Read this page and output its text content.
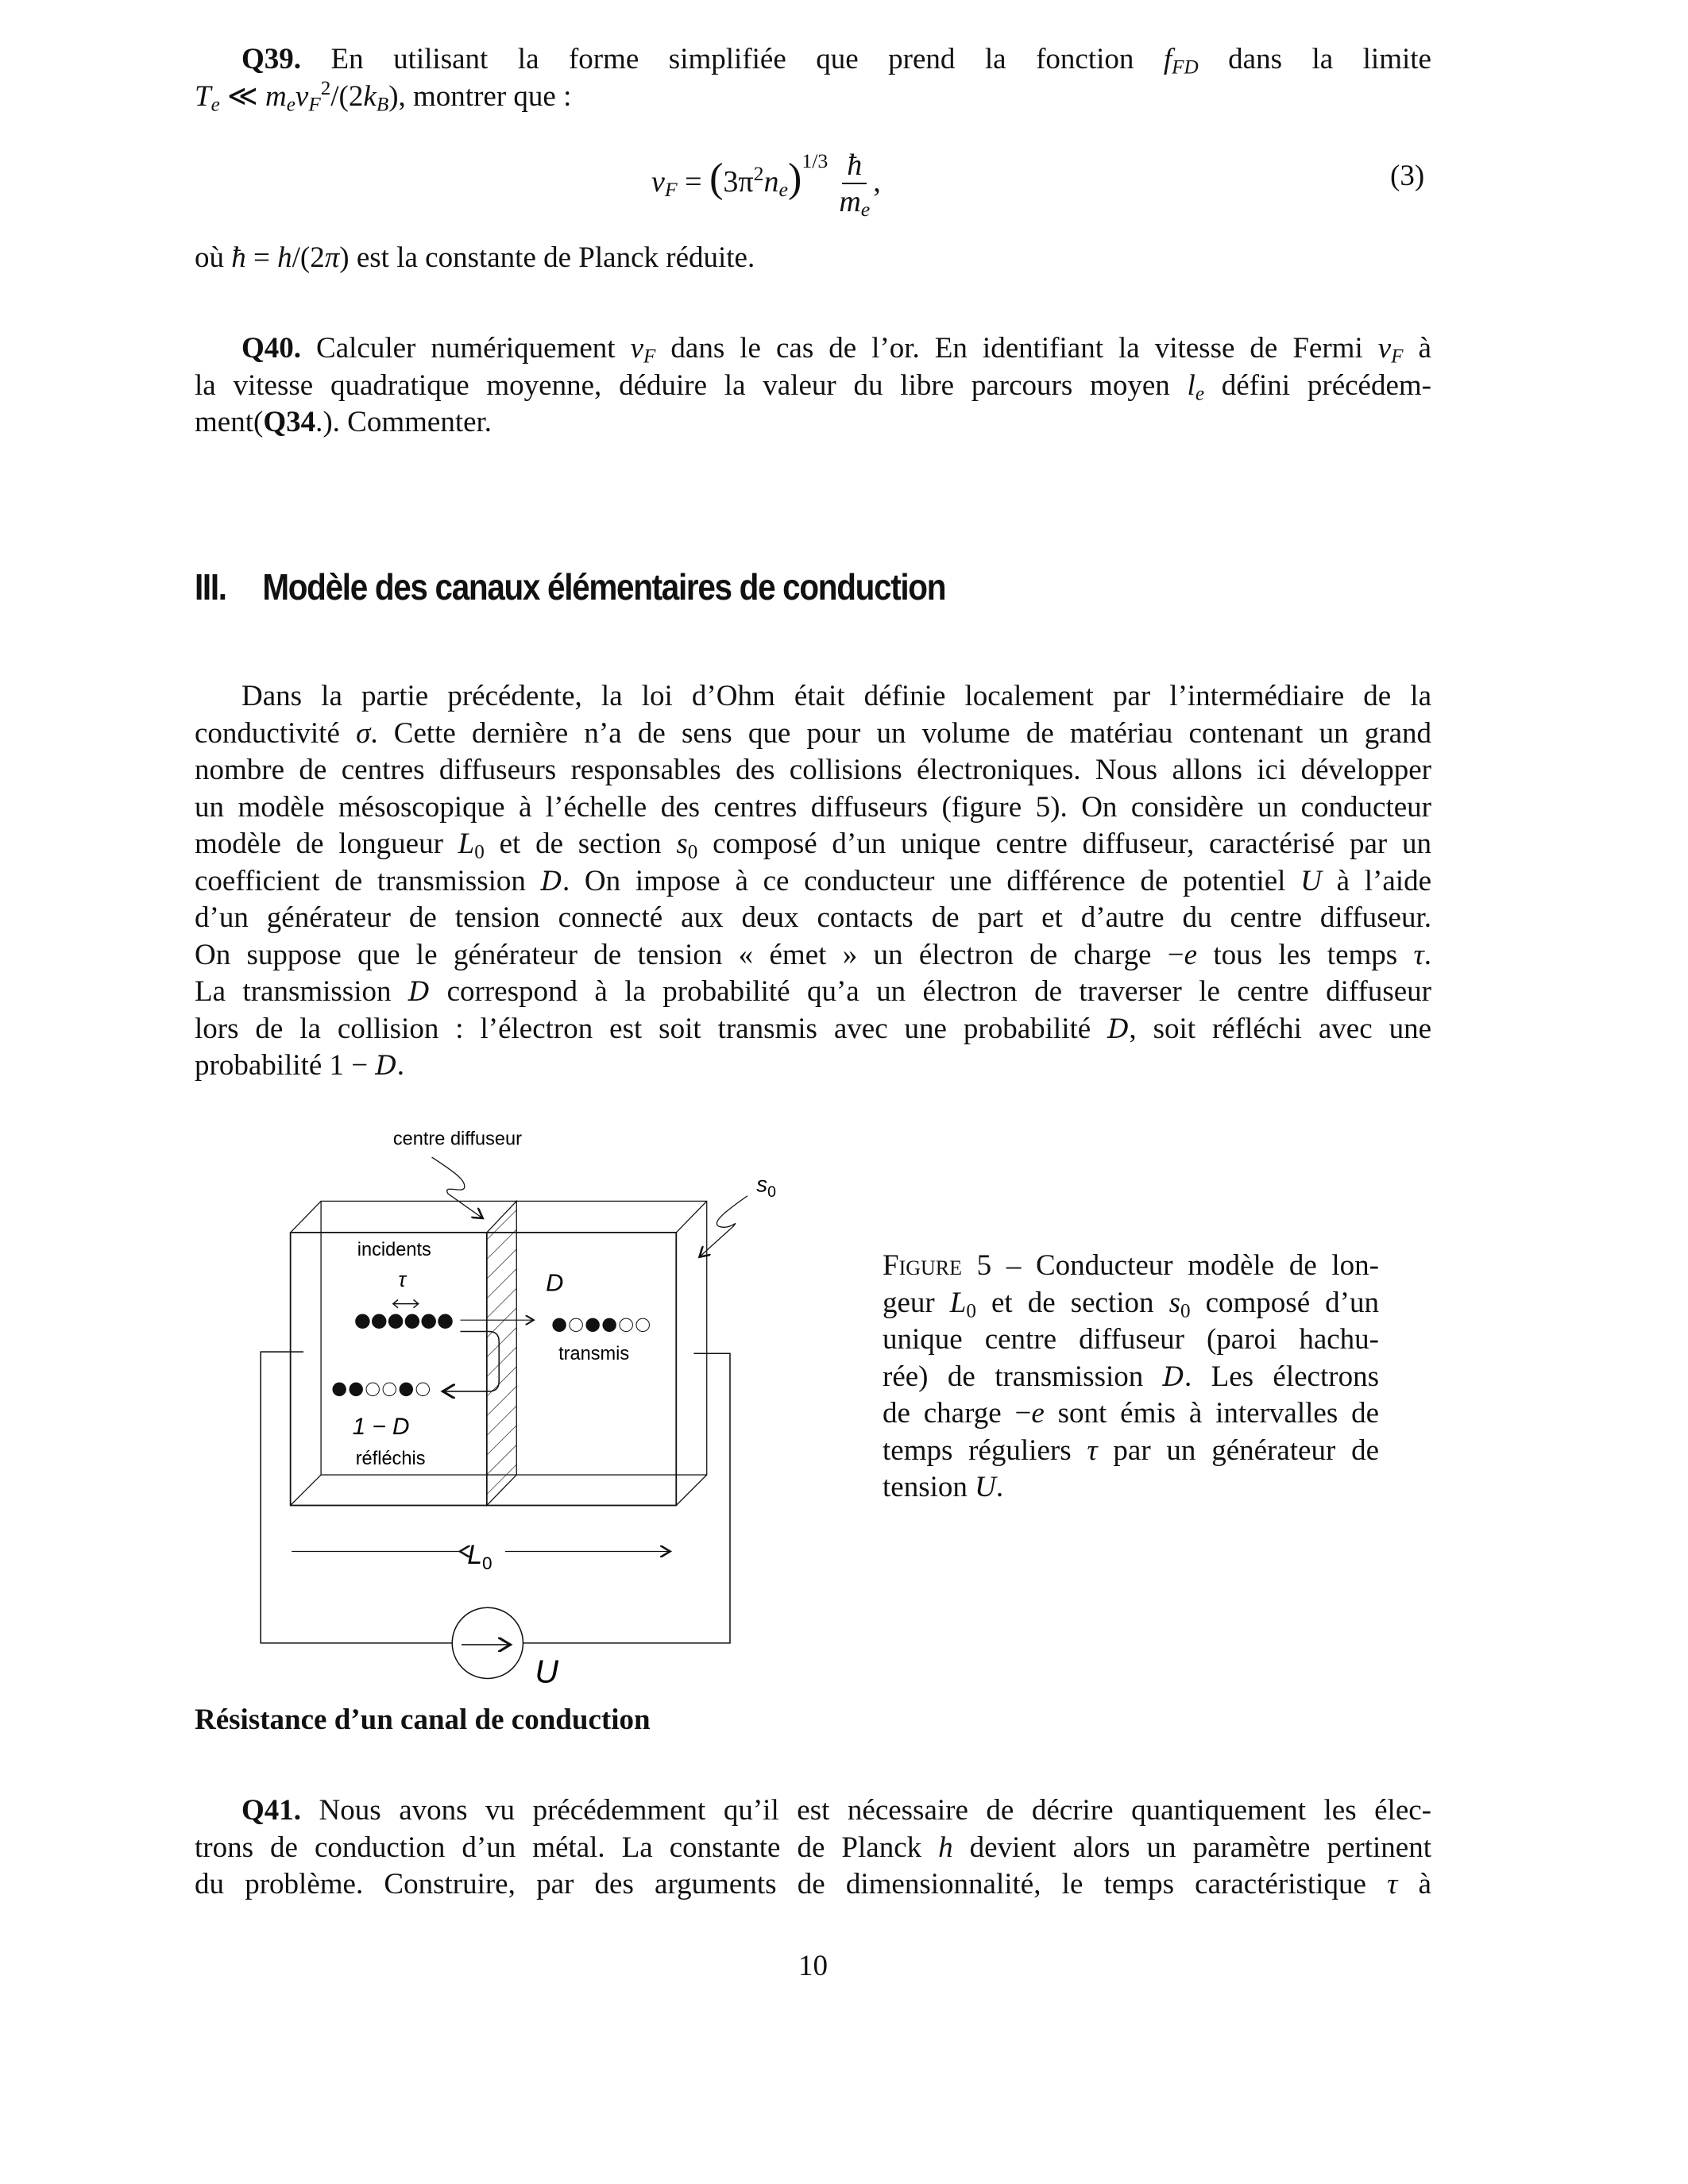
Q39. En utilisant la forme simplifiée que prend la fonction $f_{FD}$ dans la limite
$T_e$ ≪ $m_ev_F^2/(2k_B)$, montrer que :
vF = $(3\pi 2ne)1/3 \frac{ħ}{me}$ ,	(3)
où ħ = h/(2π) est la constante de Planck réduite.
Q40. Calculer numériquement $v_F$ dans le cas de l’or. En identifiant la vitesse de Fermi $v_F$ à
la vitesse quadratique moyenne, déduire la valeur du libre parcours moyen $l_e$ défini précédem-
ment(Q34.). Commenter.
III. Modèle des canaux élémentaires de conduction
Dans la partie précédente, la loi d’Ohm était définie localement par l’intermédiaire de la
conductivité σ. Cette dernière n’a de sens que pour un volume de matériau contenant un grand
nombre de centres diffuseurs responsables des collisions électroniques. Nous allons ici développer
un modèle mésoscopique à l’échelle des centres diffuseurs (figure 5). On considère un conducteur
modèle de longueur L0 et de section s0 composé d’un unique centre diffuseur, caractérisé par un
coefficient de transmission D. On impose à ce conducteur une différence de potentiel U à l’aide
d’un générateur de tension connecté aux deux contacts de part et d’autre du centre diffuseur.
On suppose que le générateur de tension « émet » un électron de charge −e tous les temps τ.
La transmission D correspond à la probabilité qu’a un électron de traverser le centre diffuseur
lors de la collision : l’électron est soit transmis avec une probabilité D, soit réfléchi avec une
probabilité 1 − D.
centre diffuseur
$s_0$
incidents
τ	D
transmis
1 − D
réfléchis
$L_0$
U
Figure 5 – Conducteur modèle de lon-
geur L0 et de section s0 composé d’un
unique centre diffuseur (paroi hachu-
rée) de transmission D. Les électrons
de charge −e sont émis à intervalles de
temps réguliers τ par un générateur de
tension U.
Résistance d’un canal de conduction
Q41. Nous avons vu précédemment qu’il est nécessaire de décrire quantiquement les élec-
trons de conduction d’un métal. La constante de Planck h devient alors un paramètre pertinent
du problème. Construire, par des arguments de dimensionnalité, le temps caractéristique τ à
10
